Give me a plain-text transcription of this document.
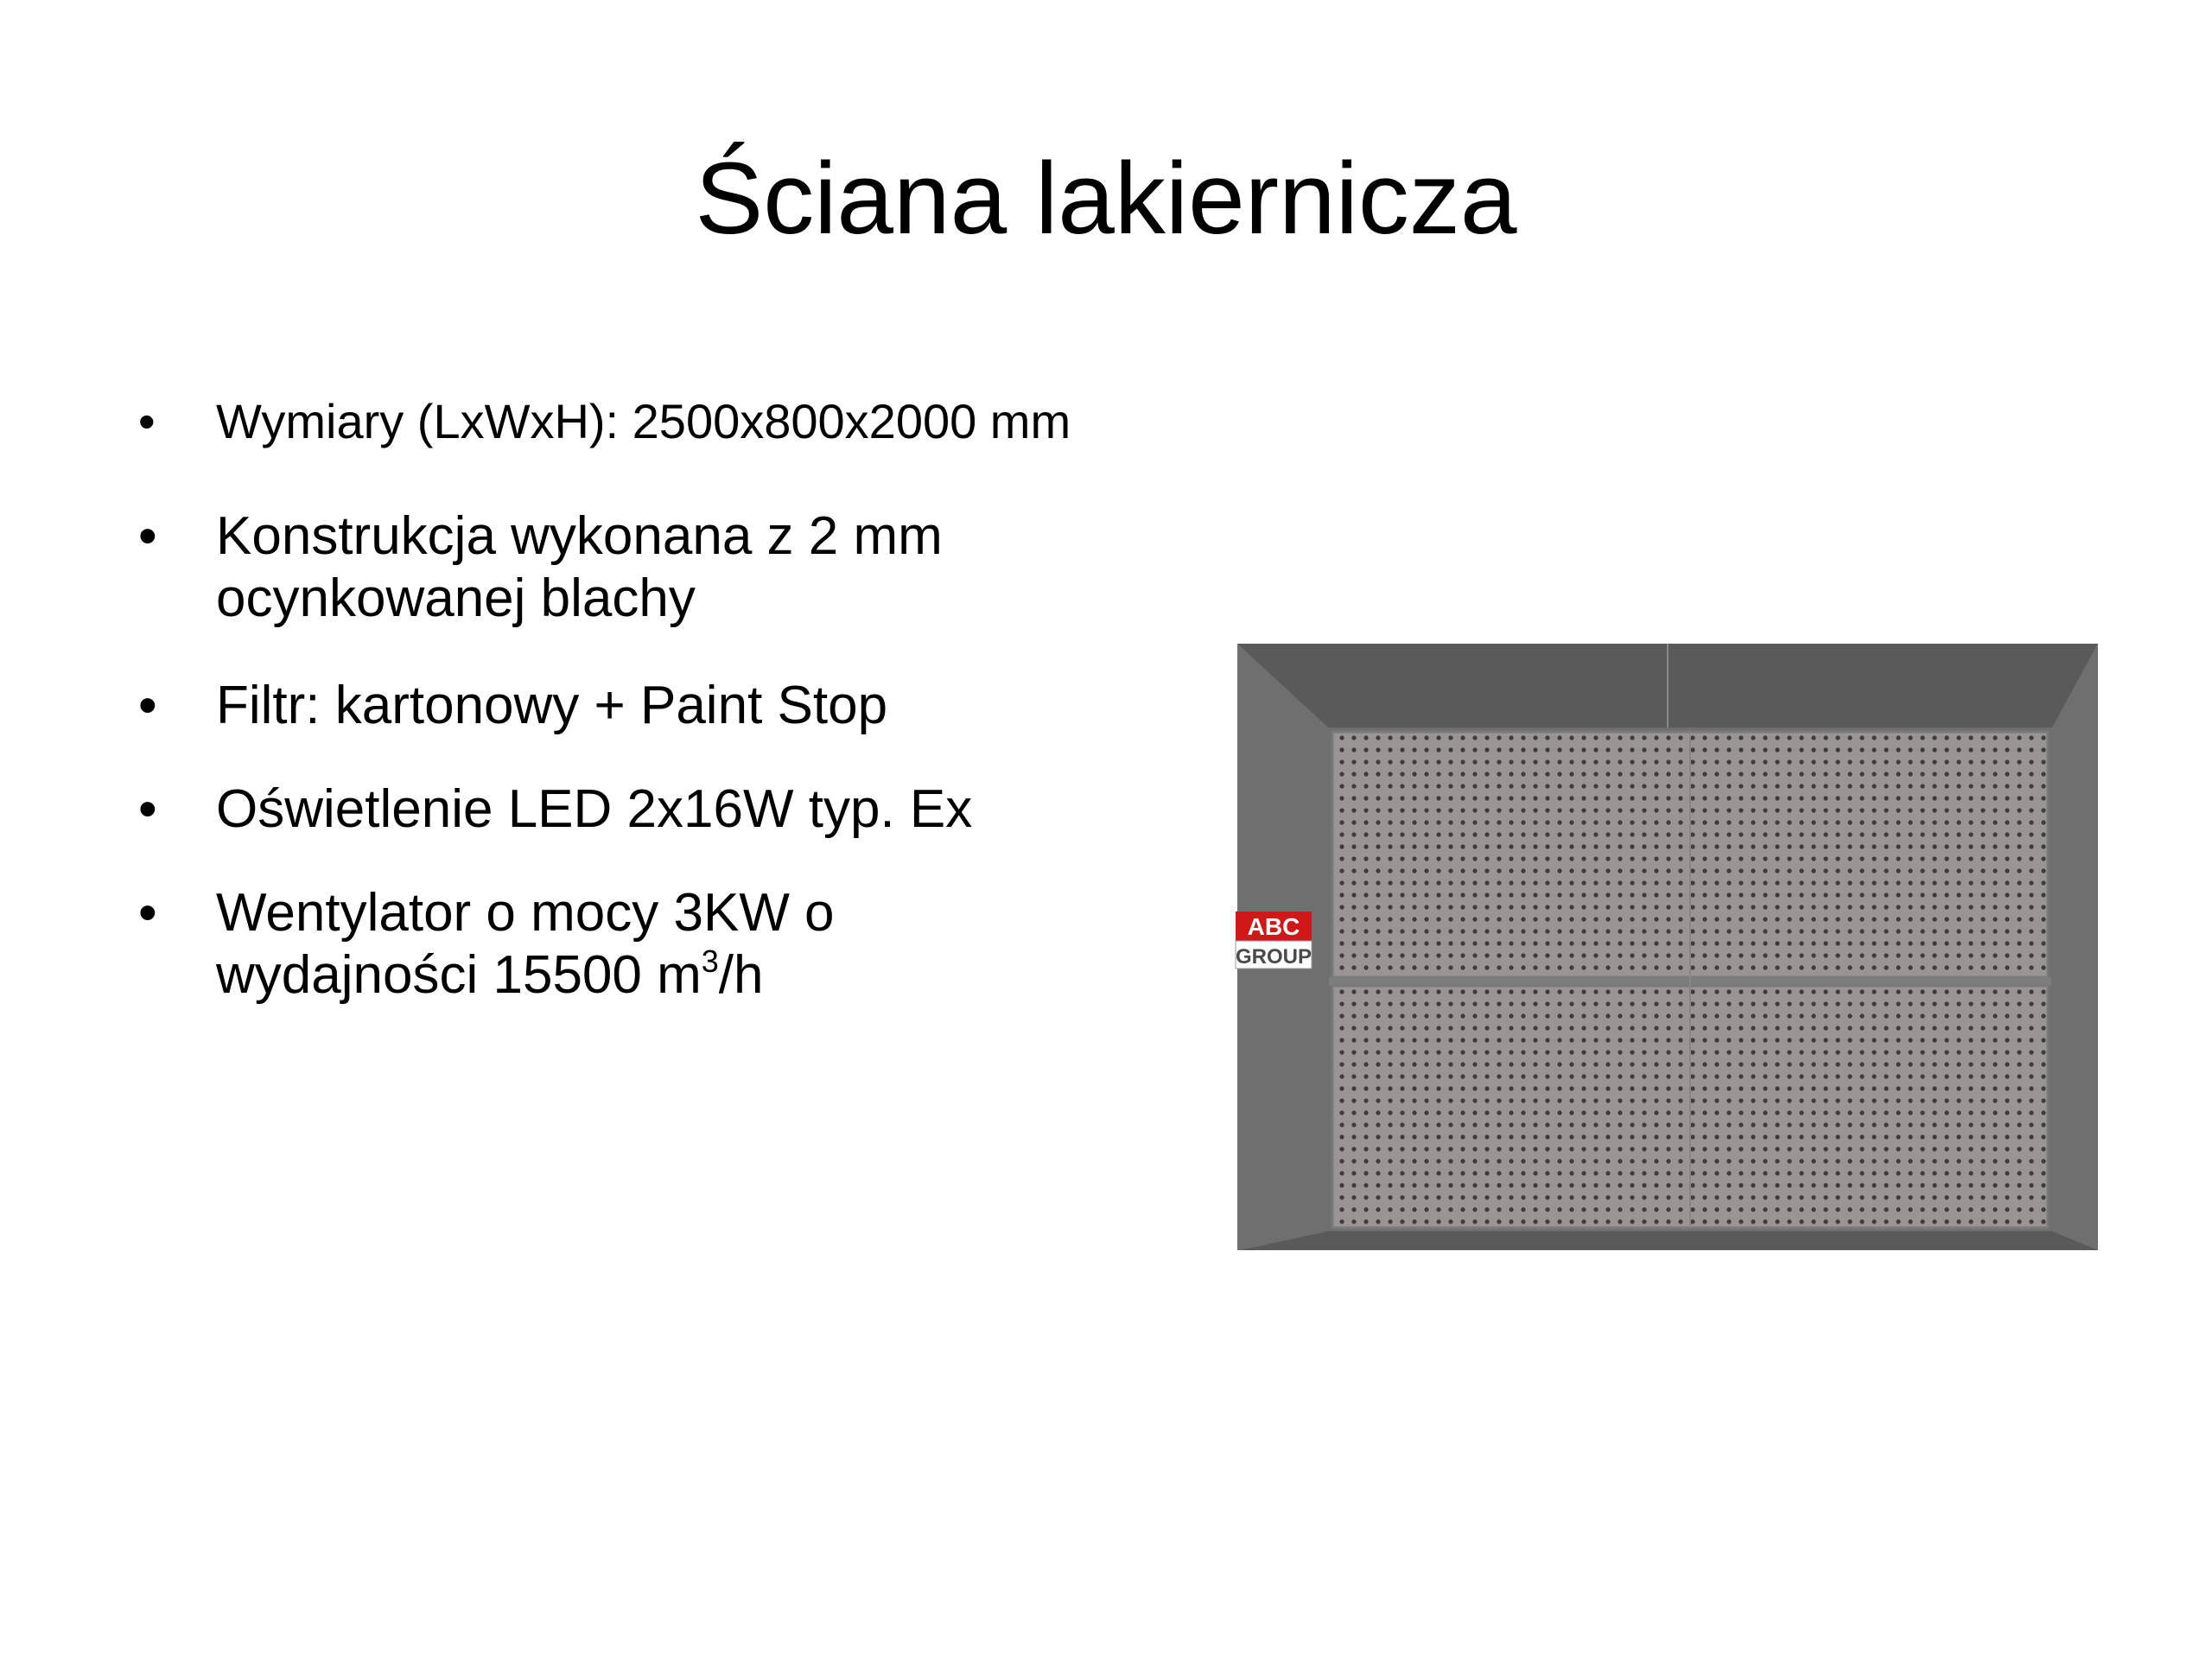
Ściana lakiernicza
• Wymiary (LxWxH): 2500x800x2000 mm
• Konstrukcja wykonana z 2 mm ocynkowanej blachy
• Filtr: kartonowy + Paint Stop
• Oświetlenie LED 2x16W typ. Ex
• Wentylator o mocy 3KW o wydajności 15500 $m^3/h$
ABC
GROUP
